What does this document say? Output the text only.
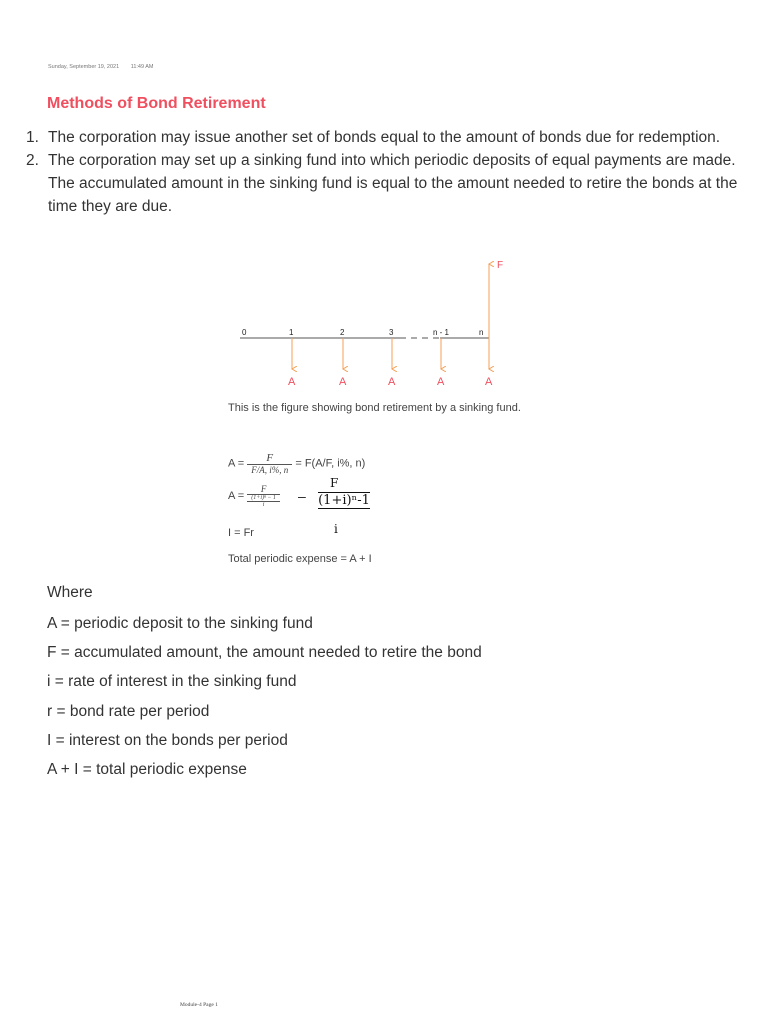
Sunday, September 19, 2021 11:49 AM
Methods of Bond Retirement
1. The corporation may issue another set of bonds equal to the amount of bonds due for redemption.
2. The corporation may set up a sinking fund into which periodic deposits of equal payments are made. The accumulated amount in the sinking fund is equal to the amount needed to retire the bonds at the time they are due.
0	1	2	3	n - 1	n
F
A	A	A	A	A
This is the figure showing bond retirement by a sinking fund.
$A = \frac{F}{F/A, i\%, n} = F(A/F$, i%, n)
A =
F
(1+i)ⁿ − 1
i
–
F
(1+i)ⁿ-1
i
I = Fr
Total periodic expense = A + I
Where
A = periodic deposit to the sinking fund
F = accumulated amount, the amount needed to retire the bond
i = rate of interest in the sinking fund
r = bond rate per period
I = interest on the bonds per period
A + I = total periodic expense
Module-4 Page 1
